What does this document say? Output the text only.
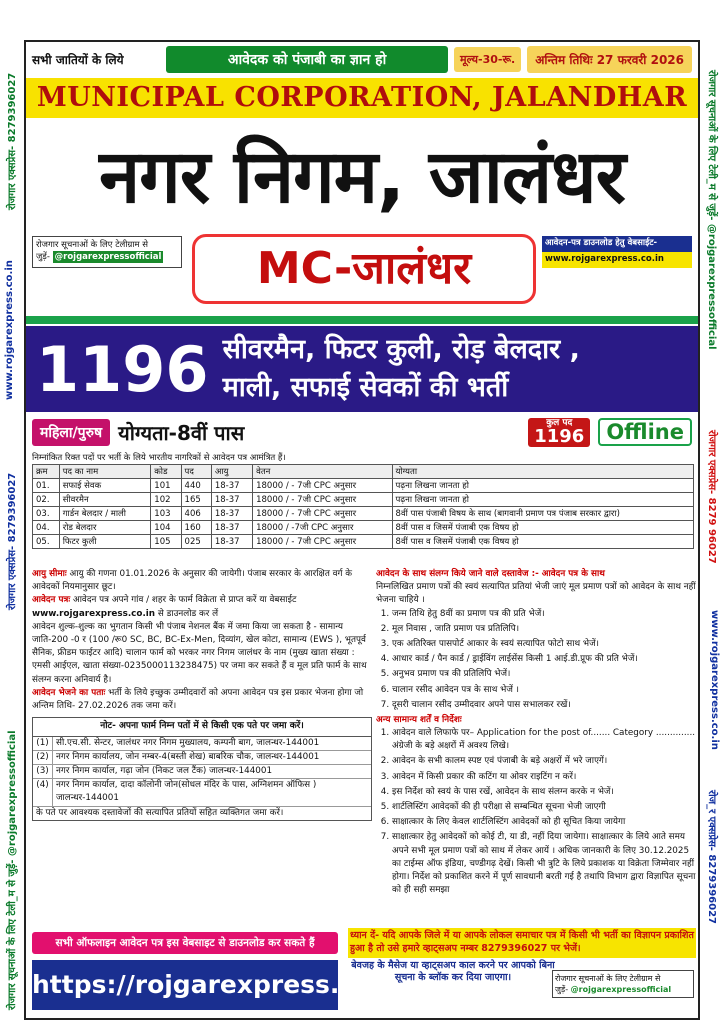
रोजगार एक्सप्रेस- 8279396027
www.rojgarexpress.co.in
रोजगार एक्सप्रेस- 8279396027
रोजगार सूचनाओं के लिए टेली_म से जुड़ें- @rojgarexpressofficial
रोजगार सूचनाओं के लिए टेली_म से जुड़ें- @rojgarexpressofficial
रोजगार एक्सप्रेस- 8279 96027
www.rojgarexpress.co.in
रोज_र एक्सप्रेस- 8279396027
सभी जातियों के लिये	आवेदक को पंजाबी का ज्ञान हो	मूल्य-30-रू.	अन्तिम तिथिः 27 फरवरी 2026
MUNICIPAL CORPORATION, JALANDHAR
नगर निगम, जालंधर
रोजगार सूचनाओं के लिए टेलीग्राम से
जुड़ें- @rojgarexpressofficial	MC-जालंधर	आवेदन-पत्र डाउनलोड हेतु वेबसाईट-
www.rojgarexpress.co.in
1196 सीवरमैन, फिटर कुली, रोड़ बेलदार ,
माली, सफाई सेवकों की भर्ती
महिला/पुरुष योग्यता-8वीं पास	कुल पद
1196	Offline
निम्नांकित रिक्त पदों पर भर्ती के लिये भारतीय नागरिकों से आवेदन पत्र आमंत्रित हैं।
क्रम	पद का नाम	कोड	पद	आयु	वेतन	योग्यता
01.	सफाई सेवक	101	440	18-37	18000 / - 7जी CPC अनुसार	पढ़ना लिखना जानता हो
02.	सीवरमैन	102	165	18-37	18000 / - 7जी CPC अनुसार	पढ़ना लिखना जानता हो
03.	गार्डन बेलदार / माली	103	406	18-37	18000 / - 7जी CPC अनुसार	8वीं पास पंजाबी विषय के साथ (बागवानी प्रमाण पत्र पंजाब सरकार द्वारा)
04.	रोड बेलदार	104	160	18-37	18000 / -7जी CPC अनुसार	8वीं पास व जिसमें पंजाबी एक विषय हो
05.	फिटर कुली	105	025	18-37	18000 / - 7जी CPC अनुसार	8वीं पास व जिसमें पंजाबी एक विषय हो
आयु सीमाः आयु की गणना 01.01.2026 के अनुसार की जायेगी। पंजाब सरकार के आरक्षित वर्ग के आवेदकों नियमानुसार छूट।
आवेदन पत्रः आवेदन पत्र अपने गांव / शहर के फार्म विक्रेता से प्राप्त करें या वेबसाईट
www.rojgarexpress.co.in से डाउनलोड कर लें
आवेदन शुल्क-शुल्क का भुगतान किसी भी पंजाब नेशनल बैंक में जमा किया जा सकता है - सामान्य जाति-200 -0 र (100 /रू0 SC, BC, BC-Ex-Men, दिव्यांग, खेल कोटा, सामान्य (EWS ), भूतपूर्व सैनिक, फ्रीडम फाईटर आदि) चालान फार्म को भरकर नगर निगम जालंधर के नाम (मुख्य खाता संख्या : एमसी आईएल, खाता संख्या-0235000113238475) पर जमा कर सकते हैं व मूल प्रति फार्म के साथ संलग्न करना अनिवार्य है।
आवेदन भेजने का पताः भर्ती के लिये इच्छुक उम्मीदवारों को अपना आवेदन पत्र इस प्रकार भेजना होगा जो अन्तिम तिथि- 27.02.2026 तक जमा करें।
नोट- अपना फार्म निम्न पतों में से किसी एक पते पर जमा करें।
(1) सी.एच.सी. सेन्टर, जालंधर नगर निगम मुख्यालय, कम्पनी बाग, जालन्धर-144001
(2) नगर निगम कार्यालय, जोन नम्बर-4(बस्ती शेख) बाबरिक चौक, जालन्धर-144001
(3) नगर निगम कार्याल, गढ़ा जोन (निकट जल टैंक) जालन्धर-144001
(4) नगर निगम कार्याल, दादा कॉलोनी जोन(सोधल मंदिर के पास, अग्निशमन ऑफिस ) जालन्धर-144001
के पते पर आवश्यक दस्तावेजों की सत्यापित प्रतियों सहित व्यक्तिगत जमा करें।
आवेदन के साथ संलग्न किये जाने वाले दस्तावेज :- आवेदन पत्र के साथ
निम्नलिखित प्रमाण पत्रों की स्वयं सत्यापित प्रतियां भेजी जाएं मूल प्रमाण पत्रों को आवेदन के साथ नहीं भेजना चाहिये ।
1. जन्म तिथि हेतु 8वीं का प्रमाण पत्र की प्रति भेजें।
2. मूल निवास , जाति प्रमाण पत्र प्रतिलिपि।
3. एक अतिरिक्त पासपोर्ट आकार के स्वयं सत्यापित फोटो साथ भेजें।
4. आधार कार्ड / पैन कार्ड / ड्राईविंग लाईसेंस किसी 1 आई.डी.प्रूफ की प्रति भेजें।
5. अनुभव प्रमाण पत्र की प्रतिलिपि भेजें।
6. चालान रसीद आवेदन पत्र के साथ भेजें ।
7. दूसरी चालान रसीद उम्मीदवार अपने पास सभालकर रखें।
अन्य सामान्य शर्तें व निर्देशः
1. आवेदन वाले लिफाफे पर– Application for the post of....... Category .............. अंग्रेजी के बड़े अक्षरों में अवश्य लिखे।
2. आवेदन के सभी कालम स्पष्ट एवं पंजाबी के बड़े अक्षरों में भरे जाएगें।
3. आवेदन में किसी प्रकार की कटिंग या ओवर राइटिंग न करें।
4. इस निर्देश को स्वयं के पास रखें, आवेदन के साथ संलग्न करके न भेजें।
5. शार्टलिस्टिंग आवेदकों की ही परीक्षा से सम्बन्धित सूचना भेजी जाएगी
6. साक्षात्कार के लिए केवल शार्टलिस्टिंग आवेदकों को ही सूचित किया जायेगा
7. साक्षात्कार हेतु आवेदकों को कोई टी, या डी, नहीं दिया जायेगा। साक्षात्कार के लिये आते समय अपने सभी मूल प्रमाण पत्रों को साथ में लेकर आयें । अधिक जानकारी के लिए 30.12.2025 का टाईम्स ऑफ इंडिया, चण्डीगढ़ देखें। किसी भी त्रुटि के लिये प्रकाशक या विक्रेता जिम्मेवार नहीं होगा। निर्देश को प्रकाशित करने में पूर्ण सावधानी बरती गई है तथापि विभाग द्वारा विज्ञापित सूचना को ही सही समझा
सभी ऑफलाइन आवेदन पत्र इस वेबसाइट से डाउनलोड कर सकते हैं
https://rojgarexpress.co.in
ध्यान दें- यदि आपके जिले में या आपके लोकल समाचार पत्र में किसी भी भर्ती का विज्ञापन प्रकाशित हुआ है तो उसे हमारे व्हाट्सअप नम्बर 8279396027 पर भेजें।
बेवजह के मैसेज या व्हाट्सअप काल करने पर आपको बिना सूचना के ब्लॉक कर दिया जाएगा।	रोजगार सूचनाओं के लिए टेलीग्राम से
जुड़ें- @rojgarexpressofficial
